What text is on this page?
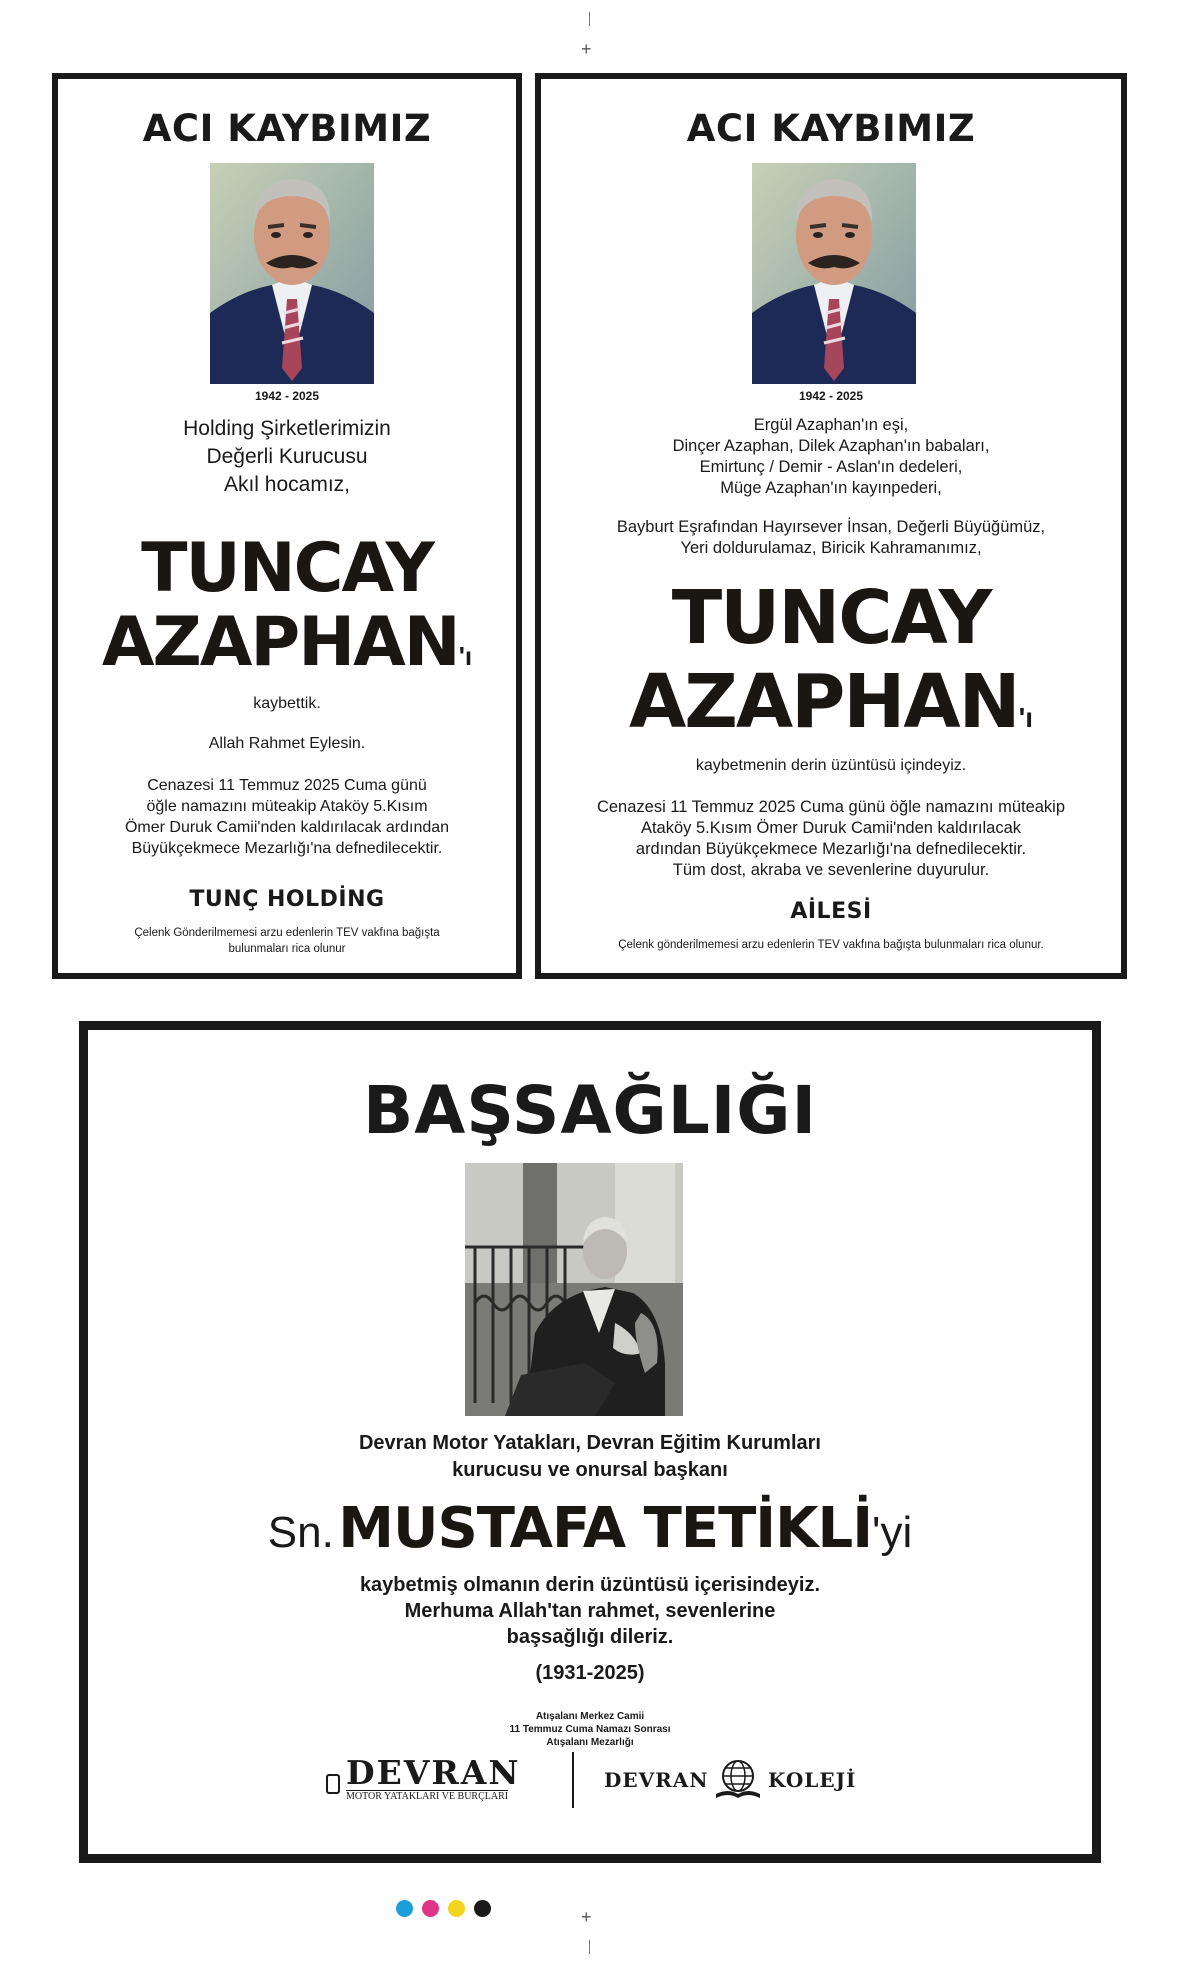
+
ACI KAYBIMIZ
1942 - 2025
Holding Şirketlerimizin
Değerli Kurucusu
Akıl hocamız,
TUNCAY
AZAPHAN'ı
kaybettik.
Allah Rahmet Eylesin.
Cenazesi 11 Temmuz 2025 Cuma günü
öğle namazını müteakip Ataköy 5.Kısım
Ömer Duruk Camii'nden kaldırılacak ardından
Büyükçekmece Mezarlığı'na defnedilecektir.
TUNÇ HOLDİNG
Çelenk Gönderilmemesi arzu edenlerin TEV vakfına bağışta
bulunmaları rica olunur
ACI KAYBIMIZ
1942 - 2025
Ergül Azaphan'ın eşi,
Dinçer Azaphan, Dilek Azaphan'ın babaları,
Emirtunç / Demir - Aslan'ın dedeleri,
Müge Azaphan'ın kayınpederi,
Bayburt Eşrafından Hayırsever İnsan, Değerli Büyüğümüz,
Yeri doldurulamaz, Biricik Kahramanımız,
TUNCAY
AZAPHAN'ı
kaybetmenin derin üzüntüsü içindeyiz.
Cenazesi 11 Temmuz 2025 Cuma günü öğle namazını müteakip
Ataköy 5.Kısım Ömer Duruk Camii'nden kaldırılacak
ardından Büyükçekmece Mezarlığı'na defnedilecektir.
Tüm dost, akraba ve sevenlerine duyurulur.
AİLESİ
Çelenk gönderilmemesi arzu edenlerin TEV vakfına bağışta bulunmaları rica olunur.
BAŞSAĞLIĞI
Devran Motor Yatakları, Devran Eğitim Kurumları
kurucusu ve onursal başkanı
Sn. MUSTAFA TETİKLİ'yi
kaybetmiş olmanın derin üzüntüsü içerisindeyiz.
Merhuma Allah'tan rahmet, sevenlerine
başsağlığı dileriz.
(1931-2025)
Atışalanı Merkez Camii
11 Temmuz Cuma Namazı Sonrası
Atışalanı Mezarlığı
DEVRAN
MOTOR YATAKLARI VE BURÇLARI
DEVRAN	KOLEJİ
+
